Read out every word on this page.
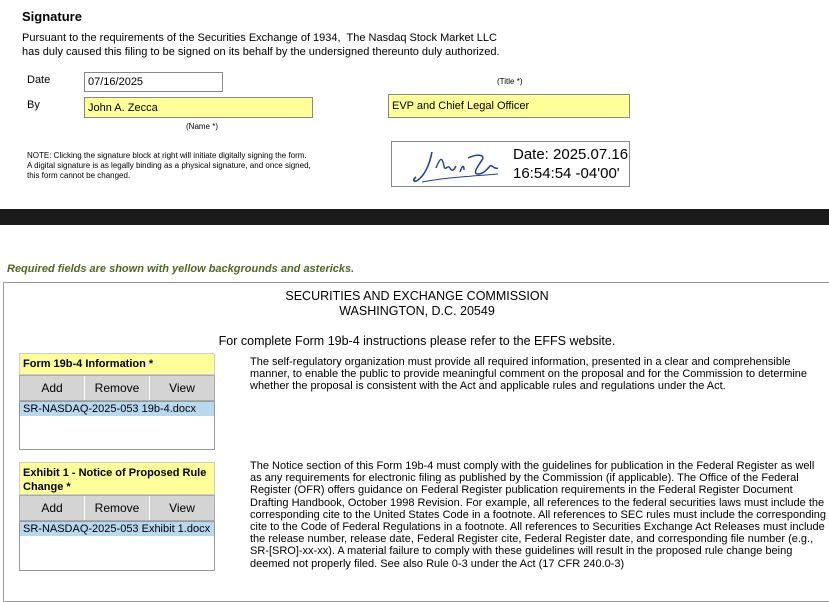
Signature
Pursuant to the requirements of the Securities Exchange of 1934, The Nasdaq Stock Market LLC
has duly caused this filing to be signed on its behalf by the undersigned thereunto duly authorized.
Date	07/16/2025	(Title *)
By	John A. Zecca
(Name *)
EVP and Chief Legal Officer
NOTE: Clicking the signature block at right will initiate digitally signing the form. A digital signature is as legally binding as a physical signature, and once signed, this form cannot be changed.
Date: 2025.07.16
16:54:54 -04'00'
Required fields are shown with yellow backgrounds and astericks.
SECURITIES AND EXCHANGE COMMISSION
WASHINGTON, D.C. 20549
For complete Form 19b-4 instructions please refer to the EFFS website.
Form 19b-4 Information *
Add	Remove	View
SR-NASDAQ-2025-053 19b-4.docx
The self-regulatory organization must provide all required information, presented in a clear and comprehensible manner, to enable the public to provide meaningful comment on the proposal and for the Commission to determine whether the proposal is consistent with the Act and applicable rules and regulations under the Act.
Exhibit 1 - Notice of Proposed Rule Change *
Add	Remove	View
SR-NASDAQ-2025-053 Exhibit 1.docx
The Notice section of this Form 19b-4 must comply with the guidelines for publication in the Federal Register as well as any requirements for electronic filing as published by the Commission (if applicable). The Office of the Federal Register (OFR) offers guidance on Federal Register publication requirements in the Federal Register Document Drafting Handbook, October 1998 Revision. For example, all references to the federal securities laws must include the corresponding cite to the United States Code in a footnote. All references to SEC rules must include the corresponding cite to the Code of Federal Regulations in a footnote. All references to Securities Exchange Act Releases must include the release number, release date, Federal Register cite, Federal Register date, and corresponding file number (e.g., SR-[SRO]-xx-xx). A material failure to comply with these guidelines will result in the proposed rule change being deemed not properly filed. See also Rule 0-3 under the Act (17 CFR 240.0-3)
